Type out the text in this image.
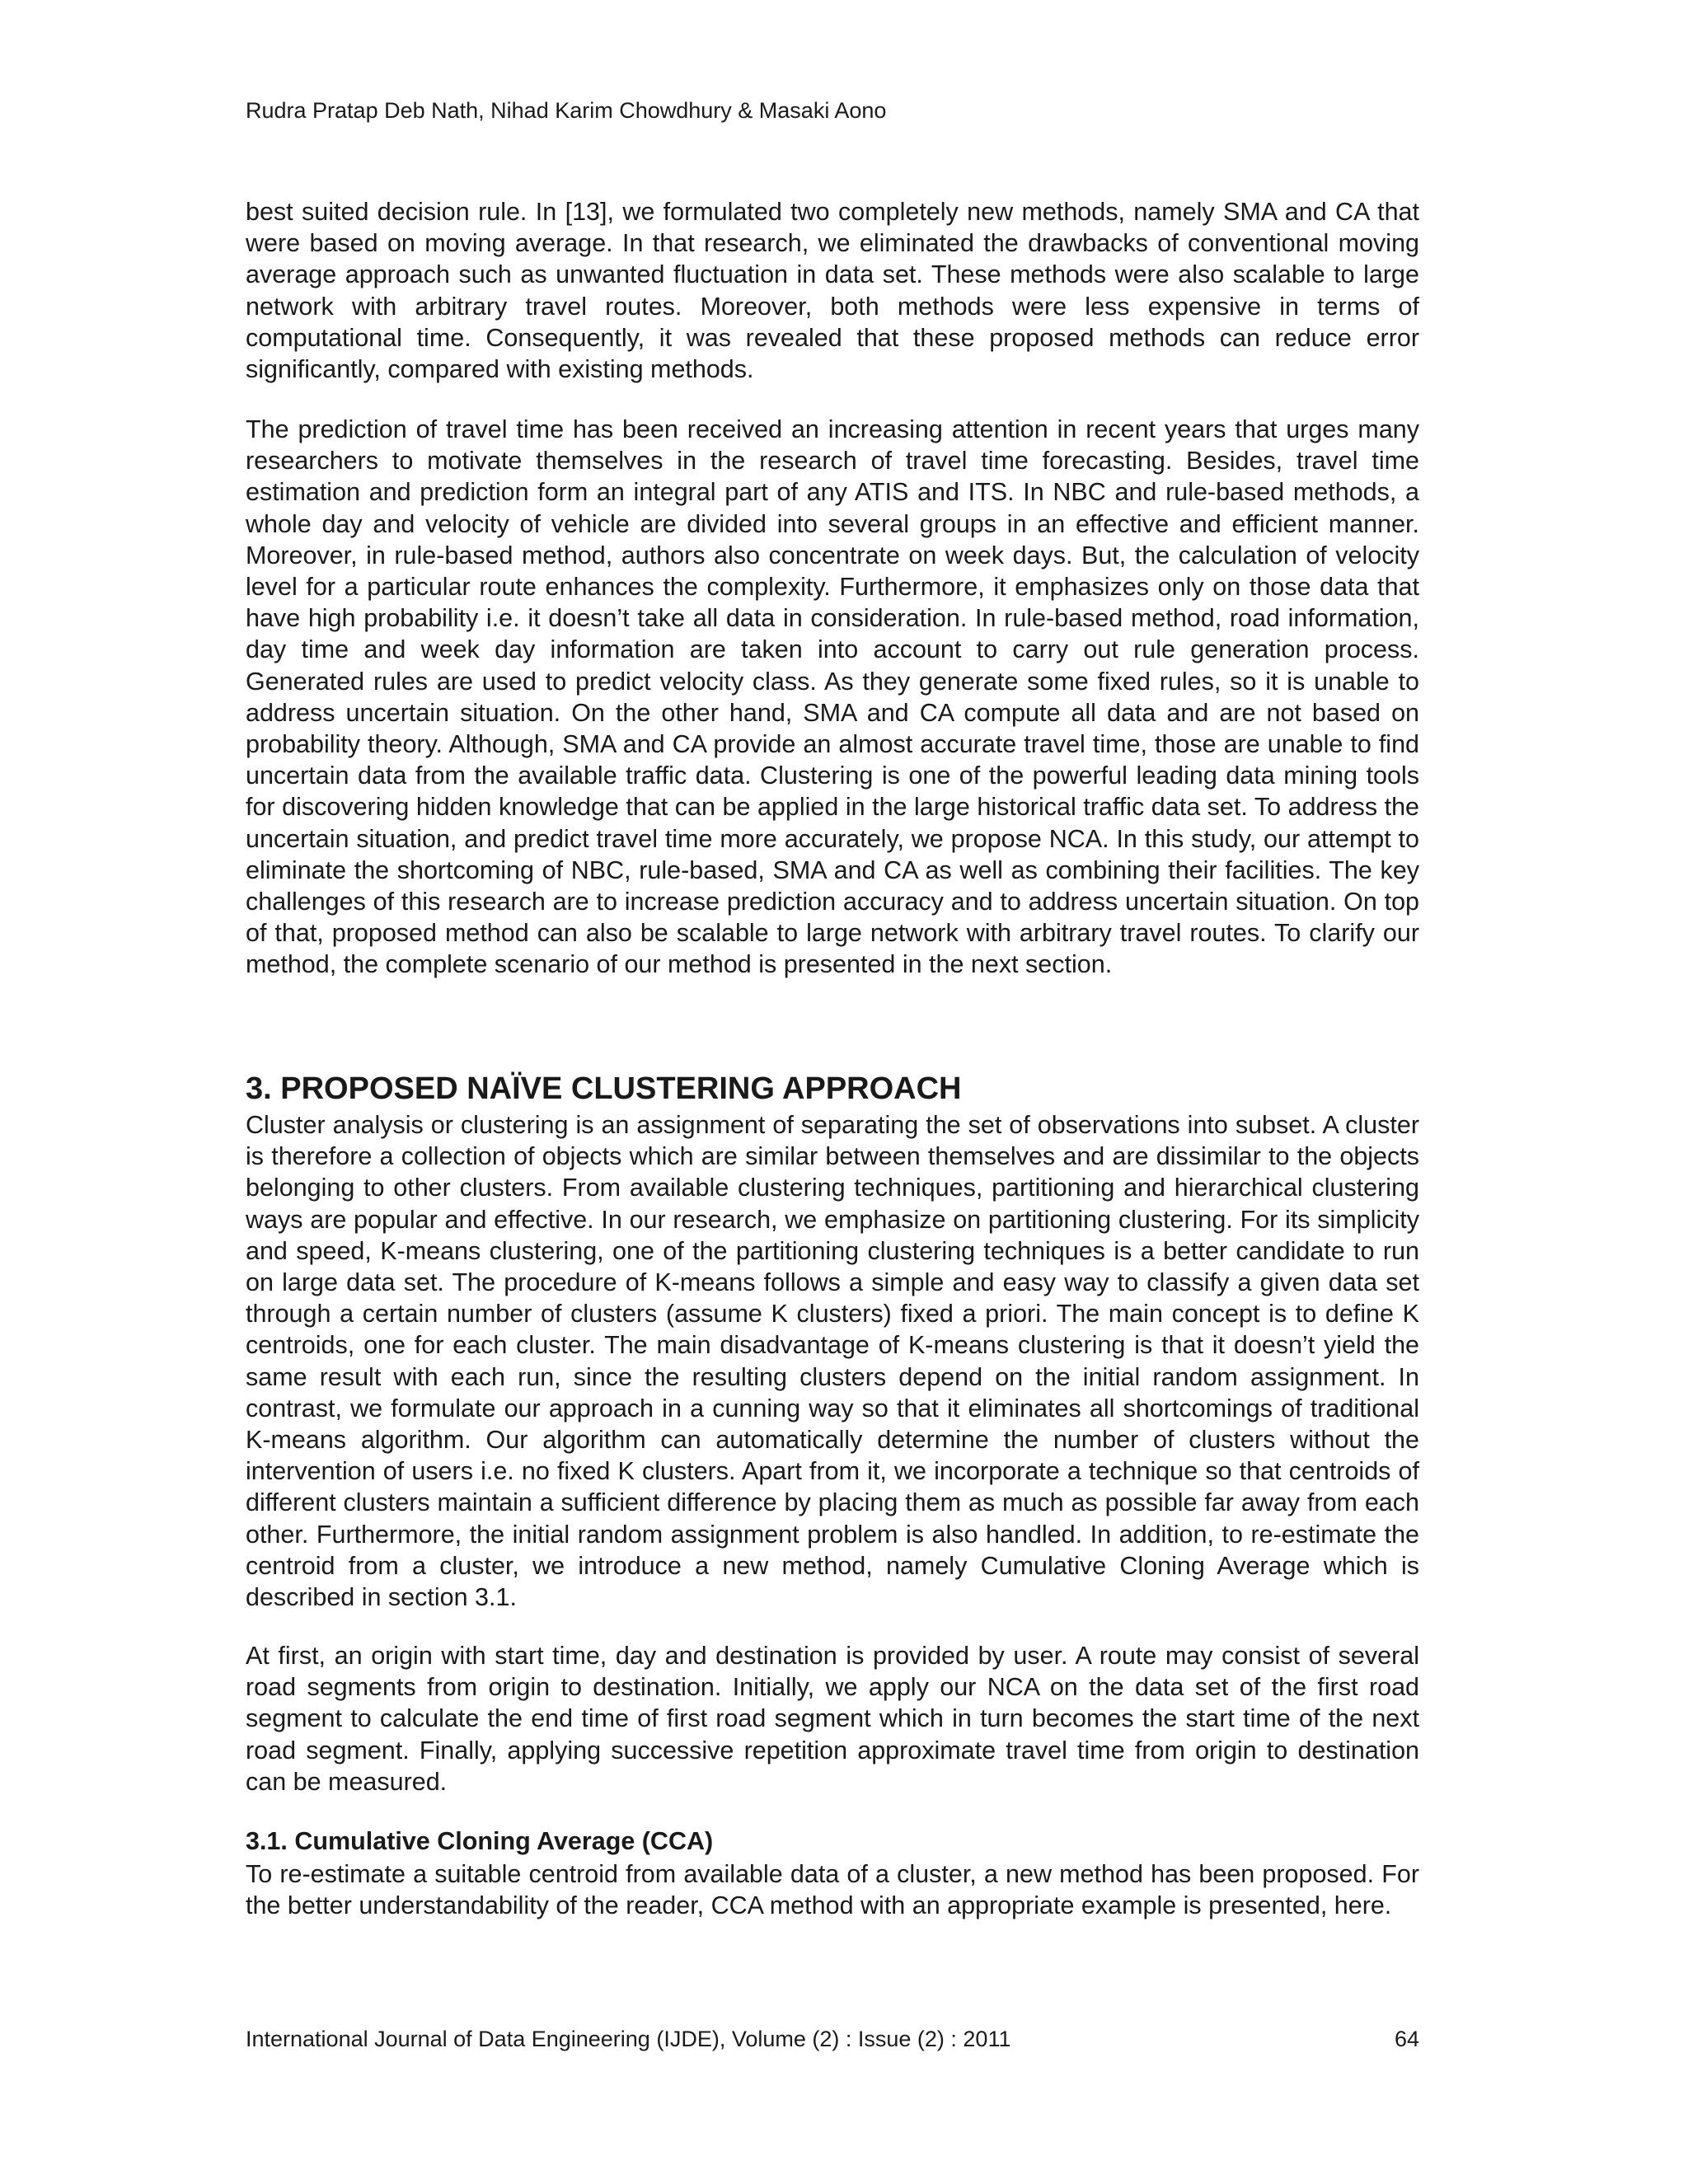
Rudra Pratap Deb Nath, Nihad Karim Chowdhury & Masaki Aono

best suited decision rule. In [13], we formulated two completely new methods, namely SMA and CA that were based on moving average. In that research, we eliminated the drawbacks of conventional moving average approach such as unwanted fluctuation in data set. These methods were also scalable to large network with arbitrary travel routes. Moreover, both methods were less expensive in terms of computational time. Consequently, it was revealed that these proposed methods can reduce error significantly, compared with existing methods.

The prediction of travel time has been received an increasing attention in recent years that urges many researchers to motivate themselves in the research of travel time forecasting. Besides, travel time estimation and prediction form an integral part of any ATIS and ITS. In NBC and rule-based methods, a whole day and velocity of vehicle are divided into several groups in an effective and efficient manner. Moreover, in rule-based method, authors also concentrate on week days. But, the calculation of velocity level for a particular route enhances the complexity. Furthermore, it emphasizes only on those data that have high probability i.e. it doesn’t take all data in consideration. In rule-based method, road information, day time and week day information are taken into account to carry out rule generation process. Generated rules are used to predict velocity class. As they generate some fixed rules, so it is unable to address uncertain situation. On the other hand, SMA and CA compute all data and are not based on probability theory. Although, SMA and CA provide an almost accurate travel time, those are unable to find uncertain data from the available traffic data. Clustering is one of the powerful leading data mining tools for discovering hidden knowledge that can be applied in the large historical traffic data set. To address the uncertain situation, and predict travel time more accurately, we propose NCA. In this study, our attempt to eliminate the shortcoming of NBC, rule-based, SMA and CA as well as combining their facilities. The key challenges of this research are to increase prediction accuracy and to address uncertain situation. On top of that, proposed method can also be scalable to large network with arbitrary travel routes. To clarify our method, the complete scenario of our method is presented in the next section.

3. PROPOSED NAÏVE CLUSTERING APPROACH

Cluster analysis or clustering is an assignment of separating the set of observations into subset. A cluster is therefore a collection of objects which are similar between themselves and are dissimilar to the objects belonging to other clusters. From available clustering techniques, partitioning and hierarchical clustering ways are popular and effective. In our research, we emphasize on partitioning clustering. For its simplicity and speed, K-means clustering, one of the partitioning clustering techniques is a better candidate to run on large data set. The procedure of K-means follows a simple and easy way to classify a given data set through a certain number of clusters (assume K clusters) fixed a priori. The main concept is to define K centroids, one for each cluster. The main disadvantage of K-means clustering is that it doesn’t yield the same result with each run, since the resulting clusters depend on the initial random assignment. In contrast, we formulate our approach in a cunning way so that it eliminates all shortcomings of traditional K-means algorithm. Our algorithm can automatically determine the number of clusters without the intervention of users i.e. no fixed K clusters. Apart from it, we incorporate a technique so that centroids of different clusters maintain a sufficient difference by placing them as much as possible far away from each other. Furthermore, the initial random assignment problem is also handled. In addition, to re-estimate the centroid from a cluster, we introduce a new method, namely Cumulative Cloning Average which is described in section 3.1.

At first, an origin with start time, day and destination is provided by user. A route may consist of several road segments from origin to destination. Initially, we apply our NCA on the data set of the first road segment to calculate the end time of first road segment which in turn becomes the start time of the next road segment. Finally, applying successive repetition approximate travel time from origin to destination can be measured.

3.1. Cumulative Cloning Average (CCA)

To re-estimate a suitable centroid from available data of a cluster, a new method has been proposed. For the better understandability of the reader, CCA method with an appropriate example is presented, here.

International Journal of Data Engineering (IJDE), Volume (2) : Issue (2) : 2011	64
